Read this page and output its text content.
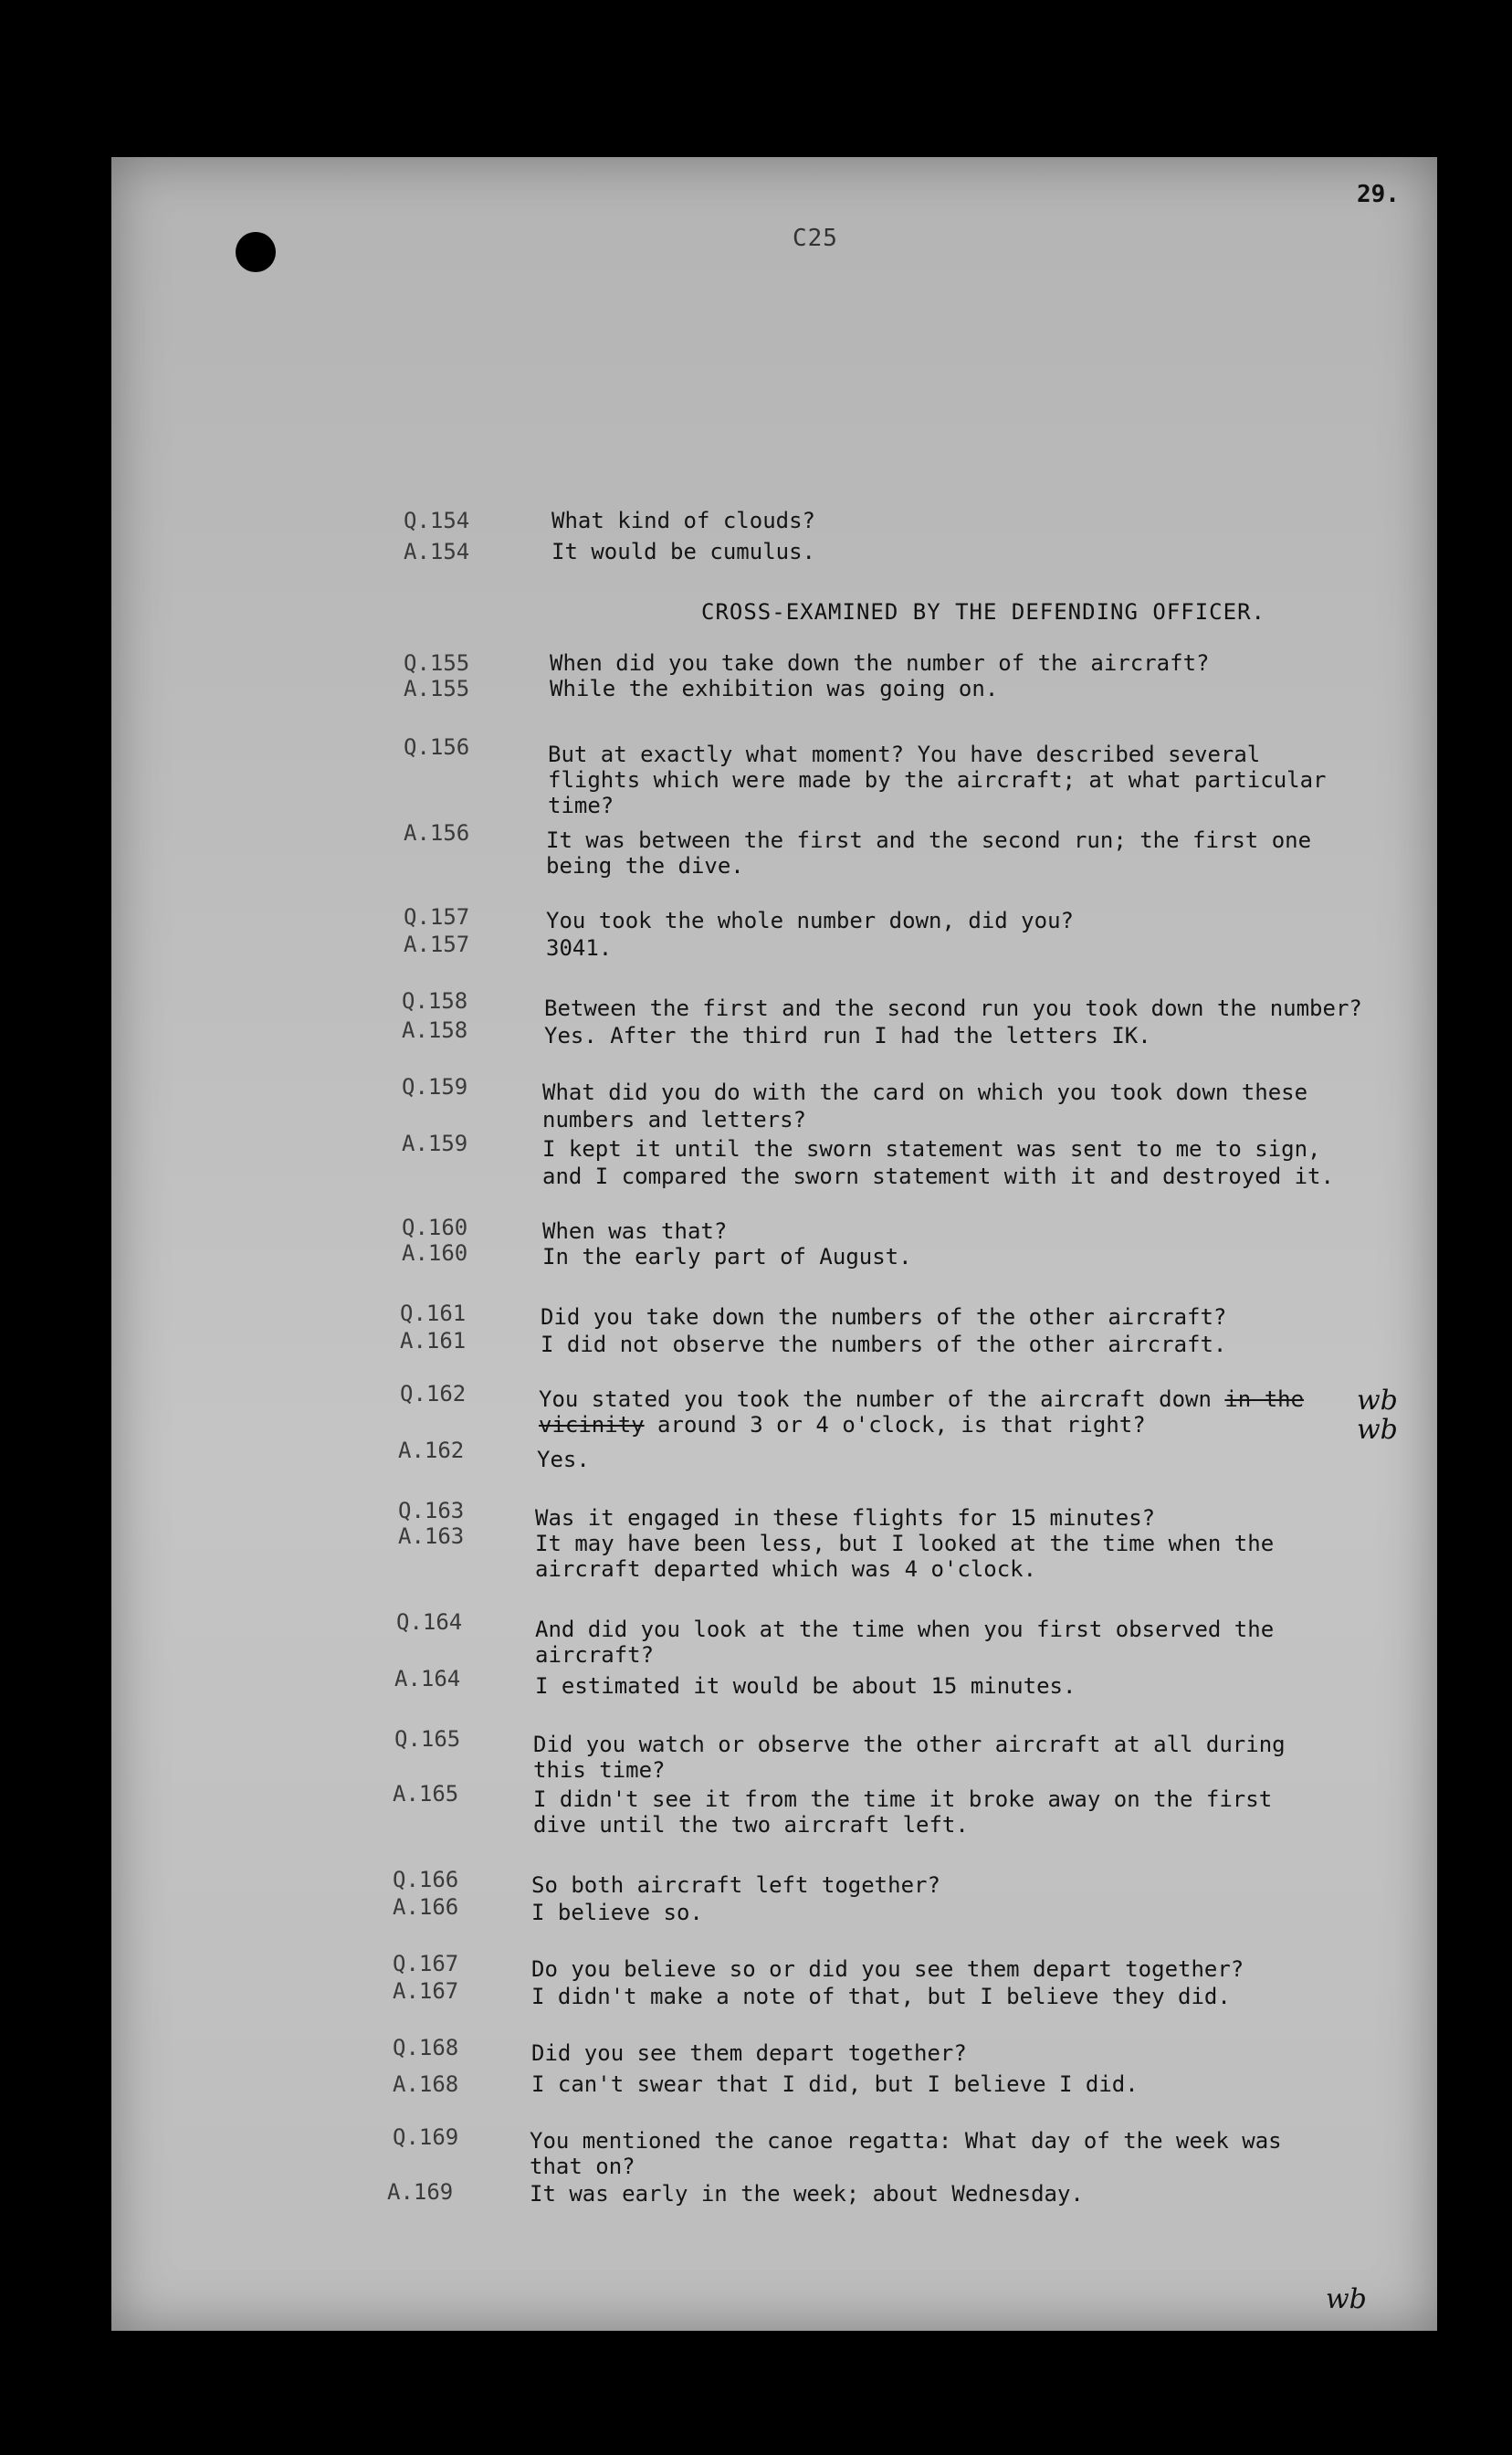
29.
C25
Q.154	What kind of clouds?
A.154	It would be cumulus.
CROSS-EXAMINED BY THE DEFENDING OFFICER.
Q.155	When did you take down the number of the aircraft?
A.155	While the exhibition was going on.
Q.156	But at exactly what moment? You have described several
flights which were made by the aircraft; at what particular
time?
A.156	It was between the first and the second run; the first one
being the dive.
Q.157	You took the whole number down, did you?
A.157	3041.
Q.158	Between the first and the second run you took down the number?
A.158	Yes. After the third run I had the letters IK.
Q.159	What did you do with the card on which you took down these
numbers and letters?
A.159	I kept it until the sworn statement was sent to me to sign,
and I compared the sworn statement with it and destroyed it.
Q.160	When was that?
A.160	In the early part of August.
Q.161	Did you take down the numbers of the other aircraft?
A.161	I did not observe the numbers of the other aircraft.
Q.162	You stated you took the number of the aircraft down in the
vicinity around 3 or 4 o'clock, is that right?
A.162	Yes.
wb
wb
Q.163	Was it engaged in these flights for 15 minutes?
A.163	It may have been less, but I looked at the time when the
aircraft departed which was 4 o'clock.
Q.164	And did you look at the time when you first observed the
aircraft?
A.164	I estimated it would be about 15 minutes.
Q.165	Did you watch or observe the other aircraft at all during
this time?
A.165	I didn't see it from the time it broke away on the first
dive until the two aircraft left.
Q.166	So both aircraft left together?
A.166	I believe so.
Q.167	Do you believe so or did you see them depart together?
A.167	I didn't make a note of that, but I believe they did.
Q.168	Did you see them depart together?
A.168	I can't swear that I did, but I believe I did.
Q.169	You mentioned the canoe regatta: What day of the week was
that on?
A.169	It was early in the week; about Wednesday.
wb
